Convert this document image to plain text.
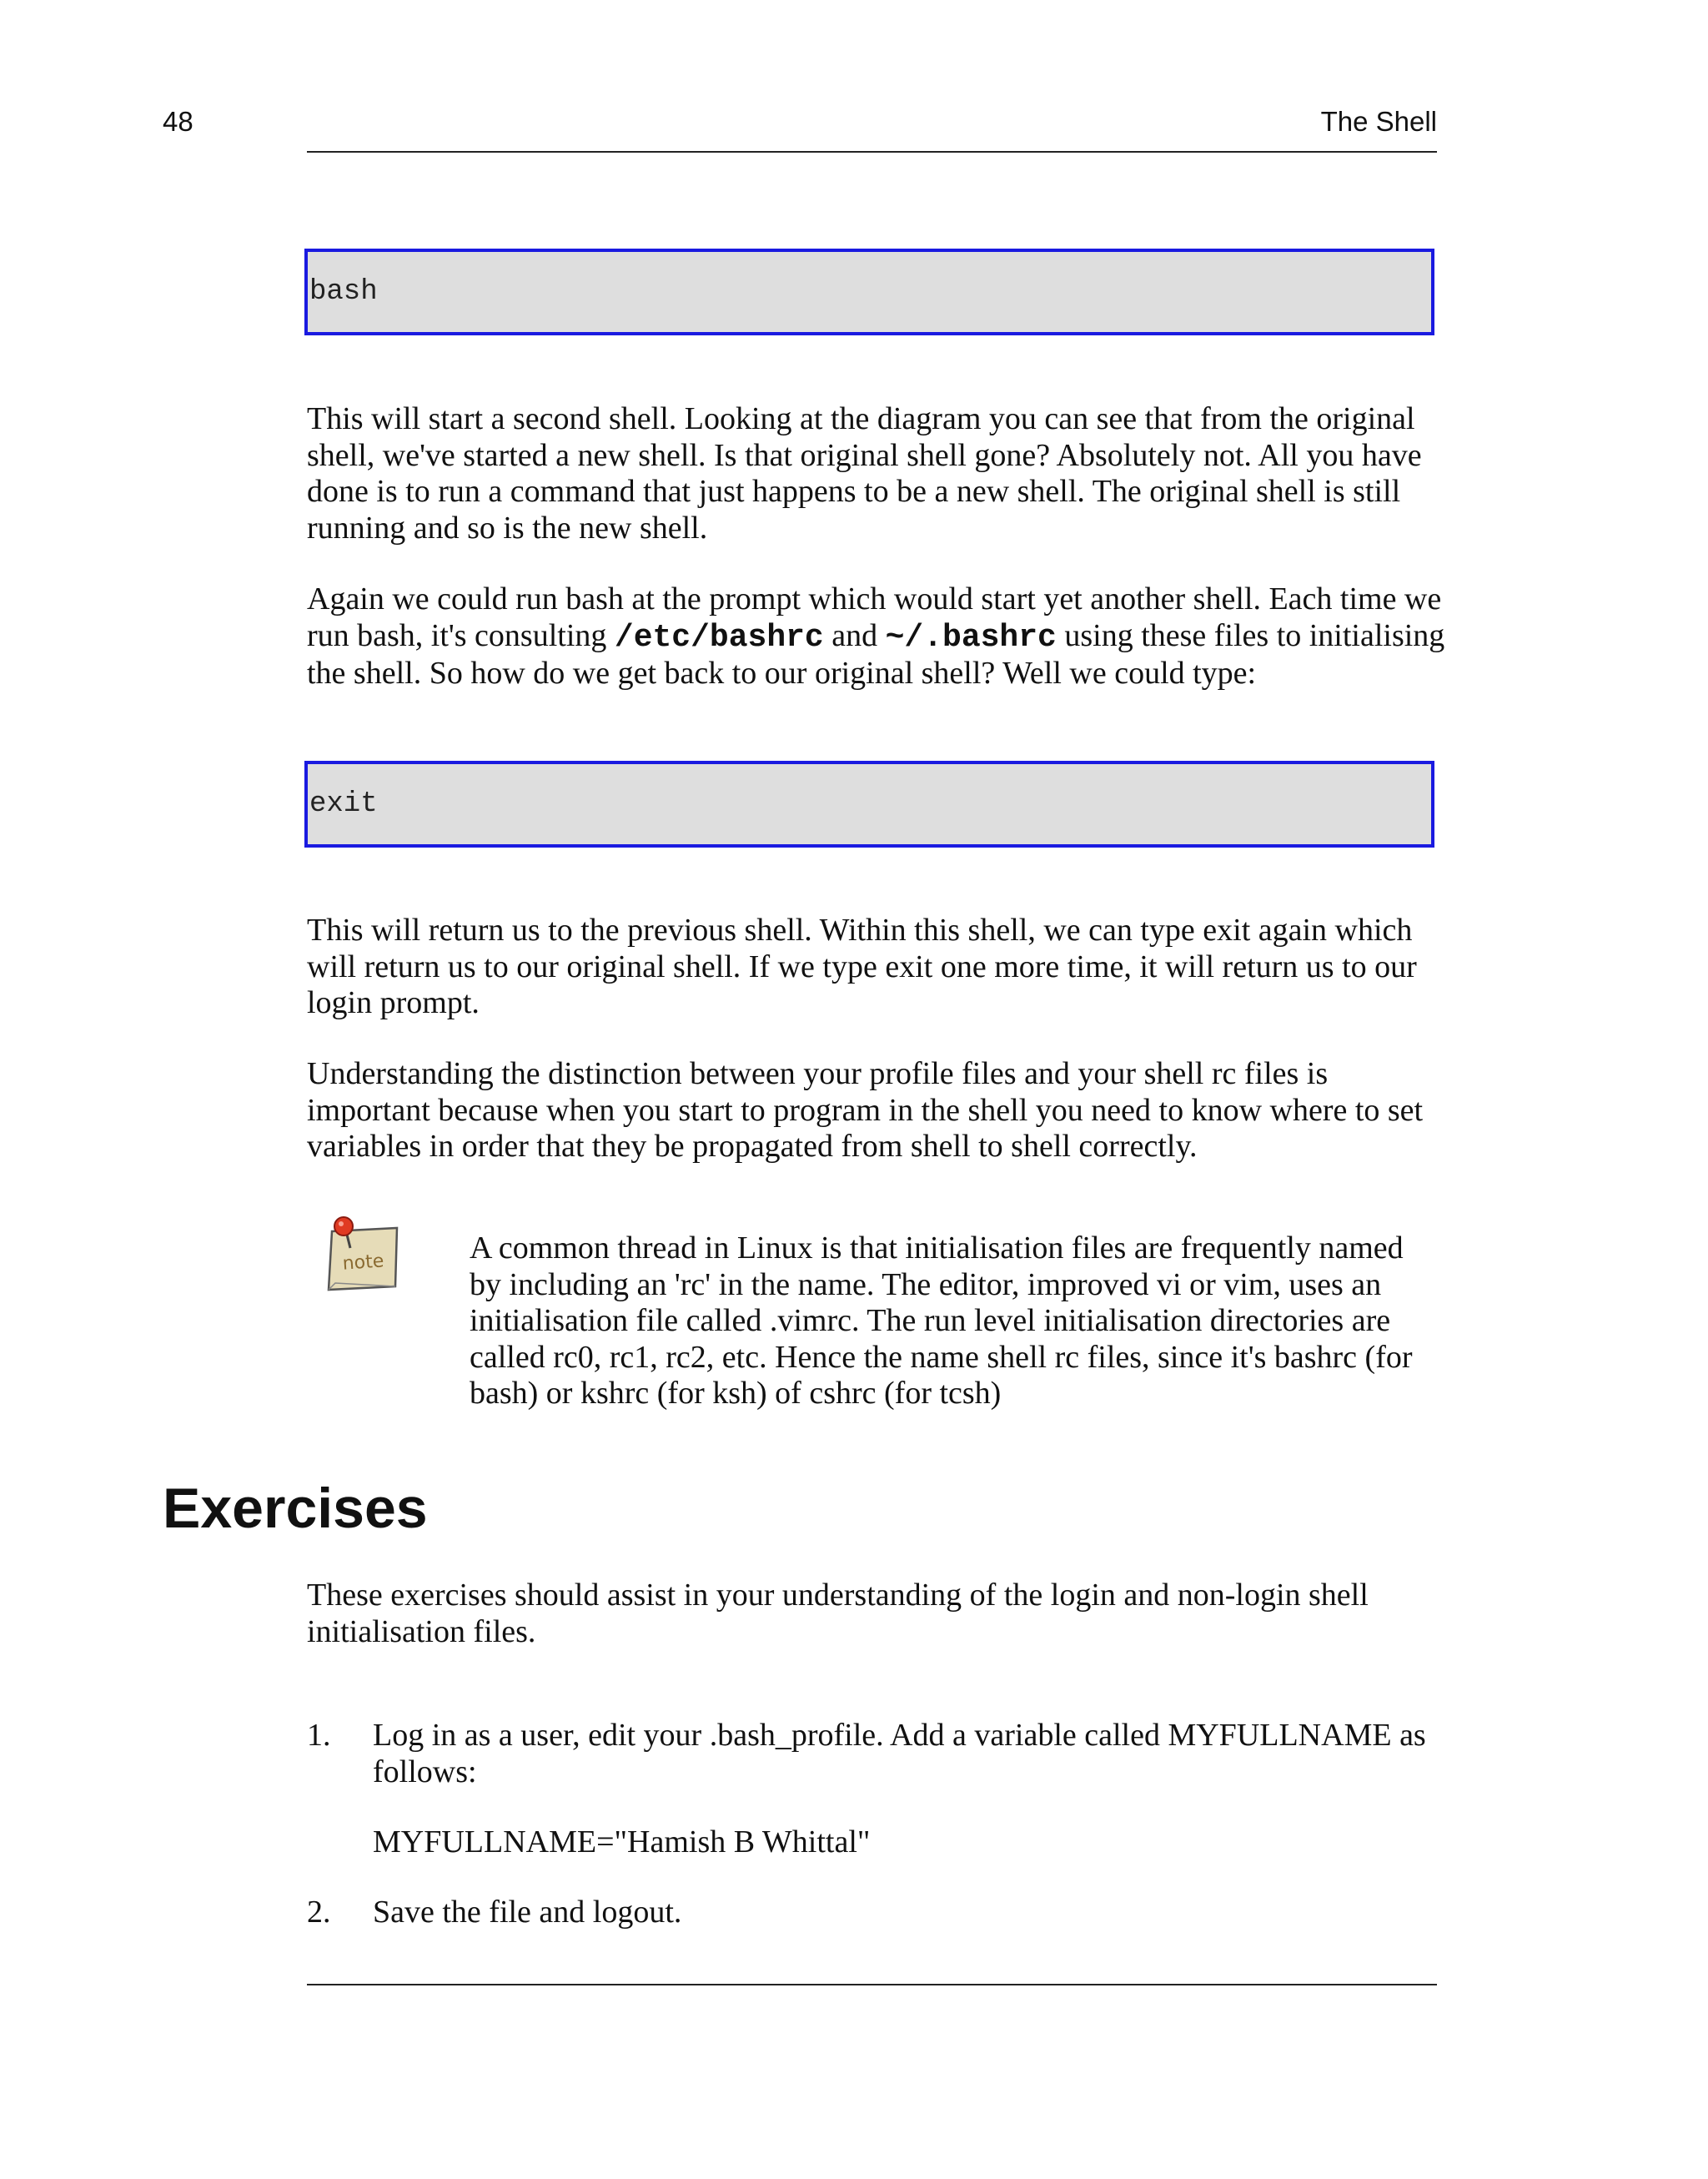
48	The Shell
bash

This will start a second shell. Looking at the diagram you can see that from the original shell, we've started a new shell. Is that original shell gone? Absolutely not. All you have done is to run a command that just happens to be a new shell. The original shell is still running and so is the new shell.

Again we could run bash at the prompt which would start yet another shell. Each time we run bash, it's consulting /etc/bashrc and ~/.bashrc using these files to initialising the shell. So how do we get back to our original shell? Well we could type:

exit

This will return us to the previous shell. Within this shell, we can type exit again which will return us to our original shell. If we type exit one more time, it will return us to our login prompt.

Understanding the distinction between your profile files and your shell rc files is important because when you start to program in the shell you need to know where to set variables in order that they be propagated from shell to shell correctly.

note	A common thread in Linux is that initialisation files are frequently named by including an 'rc' in the name. The editor, improved vi or vim, uses an initialisation file called .vimrc. The run level initialisation directories are called rc0, rc1, rc2, etc. Hence the name shell rc files, since it's bashrc (for bash) or kshrc (for ksh) of cshrc (for tcsh)

Exercises

These exercises should assist in your understanding of the login and non-login shell initialisation files.

1. Log in as a user, edit your .bash_profile. Add a variable called MYFULLNAME as follows:

MYFULLNAME="Hamish B Whittal"

2. Save the file and logout.
